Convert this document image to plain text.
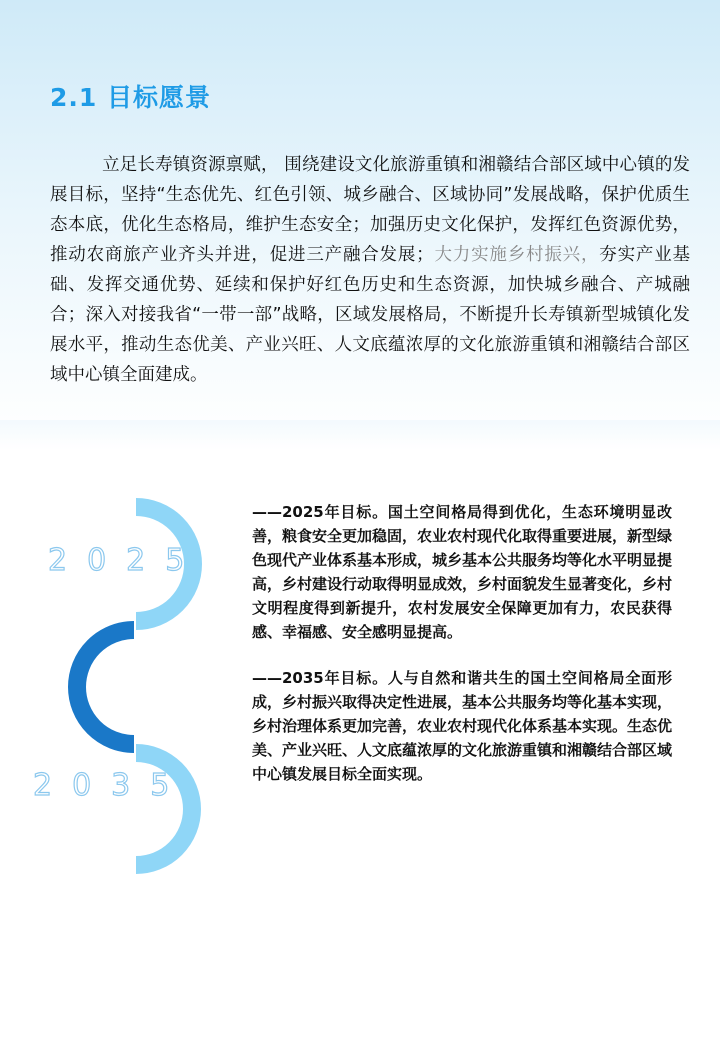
2.1 目标愿景

立足长寿镇资源禀赋， 围绕建设文化旅游重镇和湘赣结合部区域中心镇的发展目标，坚持“生态优先、红色引领、城乡融合、区域协同”发展战略，保护优质生态本底，优化生态格局，维护生态安全；加强历史文化保护，发挥红色资源优势，推动农商旅产业齐头并进，促进三产融合发展；大力实施乡村振兴，夯实产业基础、发挥交通优势、延续和保护好红色历史和生态资源，加快城乡融合、产城融合；深入对接我省“一带一部”战略，区域发展格局，不断提升长寿镇新型城镇化发展水平，推动生态优美、产业兴旺、人文底蕴浓厚的文化旅游重镇和湘赣结合部区域中心镇全面建成。

2025
2035

——2025年目标。国土空间格局得到优化，生态环境明显改善，粮食安全更加稳固，农业农村现代化取得重要进展，新型绿色现代产业体系基本形成，城乡基本公共服务均等化水平明显提高，乡村建设行动取得明显成效，乡村面貌发生显著变化，乡村文明程度得到新提升，农村发展安全保障更加有力，农民获得感、幸福感、安全感明显提高。

——2035年目标。人与自然和谐共生的国土空间格局全面形成，乡村振兴取得决定性进展，基本公共服务均等化基本实现，乡村治理体系更加完善，农业农村现代化体系基本实现。生态优美、产业兴旺、人文底蕴浓厚的文化旅游重镇和湘赣结合部区域中心镇发展目标全面实现。
